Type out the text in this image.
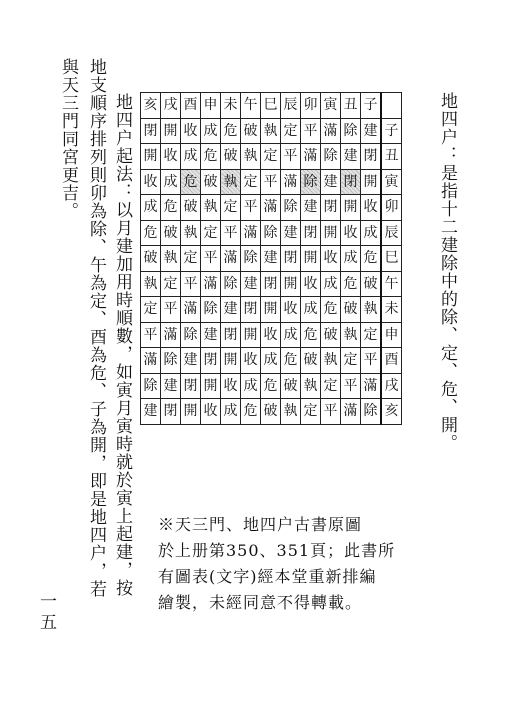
地四户：是指十二建除中的除、定、危、開。
亥	戌	酉	申	未	午	巳	辰	卯	寅	丑	子	
閉	開	收	成	危	破	執	定	平	滿	除	建	子
開	收	成	危	破	執	定	平	滿	除	建	閉	丑
收	成	危	破	執	定	平	滿	除	建	閉	開	寅
成	危	破	執	定	平	滿	除	建	閉	開	收	卯
危	破	執	定	平	滿	除	建	閉	開	收	成	辰
破	執	定	平	滿	除	建	閉	開	收	成	危	巳
執	定	平	滿	除	建	閉	開	收	成	危	破	午
定	平	滿	除	建	閉	開	收	成	危	破	執	未
平	滿	除	建	閉	開	收	成	危	破	執	定	申
滿	除	建	閉	開	收	成	危	破	執	定	平	酉
除	建	閉	開	收	成	危	破	執	定	平	滿	戌
建	閉	開	收	成	危	破	執	定	平	滿	除	亥
地四户起法：以月建加用時順數，如寅月寅時就於寅上起建，按
地支順序排列則卯為除、午為定、酉為危、子為開，即是地四户，若
與天三門同宮更吉。

※天三門、地四户古書原圖

於上册第350、351頁；此書所

有圖表(文字)經本堂重新排編

繪製，未經同意不得轉載。

一五
